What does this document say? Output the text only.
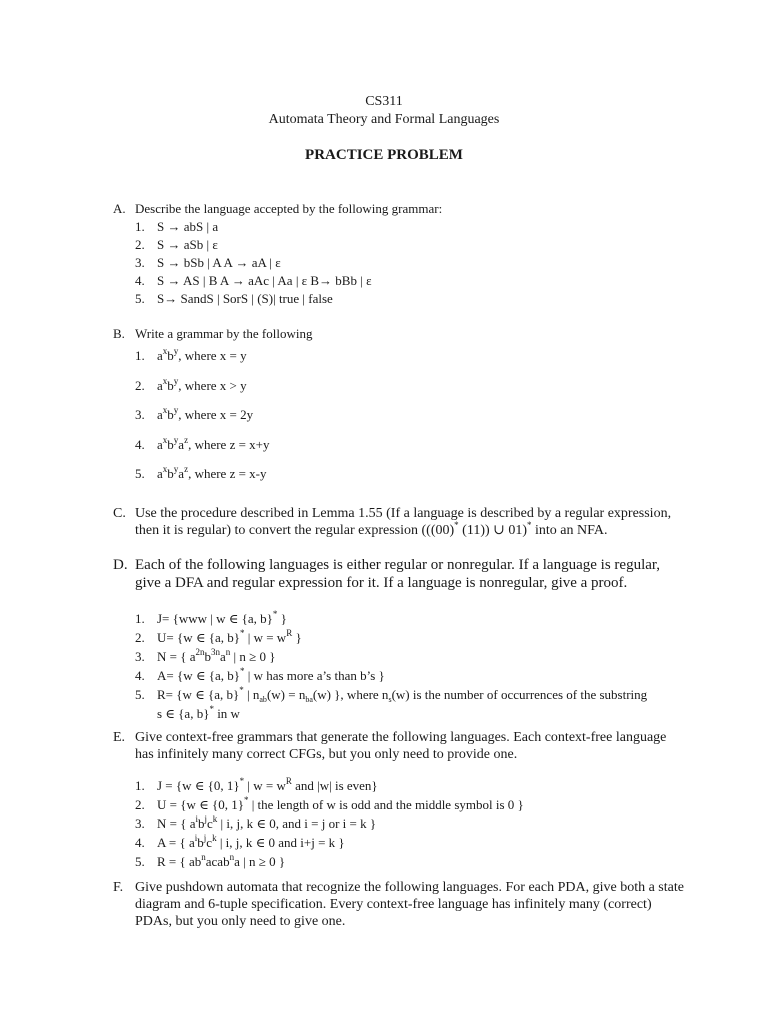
CS311
Automata Theory and Formal Languages
PRACTICE PROBLEM
A. Describe the language accepted by the following grammar:
1. S → abS | a
2. S → aSb | ε
3. S → bSb | A A → aA | ε
4. S → AS | B A → aAc | Aa | ε B→ bBb | ε
5. S→ SandS | SorS | (S)| true | false
B. Write a grammar by the following
1. $a^xb^y$, where x = y
2. $a^xb^y$, where x > y
3. $a^xb^y$, where x = 2y
4. $a^xb^ya^z$, where z = x+y
5. $a^xb^ya^z$, where z = x-y
C. Use the procedure described in Lemma 1.55 (If a language is described by a regular expression,
then it is regular) to convert the regular expression (((00)* (11)) ∪ 01)* into an NFA.
D. Each of the following languages is either regular or nonregular. If a language is regular,
give a DFA and regular expression for it. If a language is nonregular, give a proof.
1. J= {www | w ∈ {a, b}* }
2. U= {w ∈ {a, b}* | $w = w^R$ }
3. N = { $a^{2n}b^{3n}a^n$ | n ≥ 0 }
4. A= {w ∈ {a, b}* | w has more a’s than b’s }
5. R= {w ∈ {a, b}* | $n_{ab}(w) = n_{ba}(w)$ }, where $n_s(w)$ is the number of occurrences of the substring
s ∈ {a, b}* in w
E. Give context-free grammars that generate the following languages. Each context-free language
has infinitely many correct CFGs, but you only need to provide one.
1. J = {w ∈ {0, 1}* | $w = w^R$ and |w| is even}
2. U = {w ∈ {0, 1}* | the length of w is odd and the middle symbol is 0 }
3. N = { $a^ib^jc^k$ | i, j, k ∈ 0, and i = j or i = k }
4. A = { $a^ib^jc^k$ | i, j, k ∈ 0 and i+j = k }
5. R = { $ab^nacab^na$ | n ≥ 0 }
F. Give pushdown automata that recognize the following languages. For each PDA, give both a state
diagram and 6-tuple specification. Every context-free language has infinitely many (correct)
PDAs, but you only need to give one.
